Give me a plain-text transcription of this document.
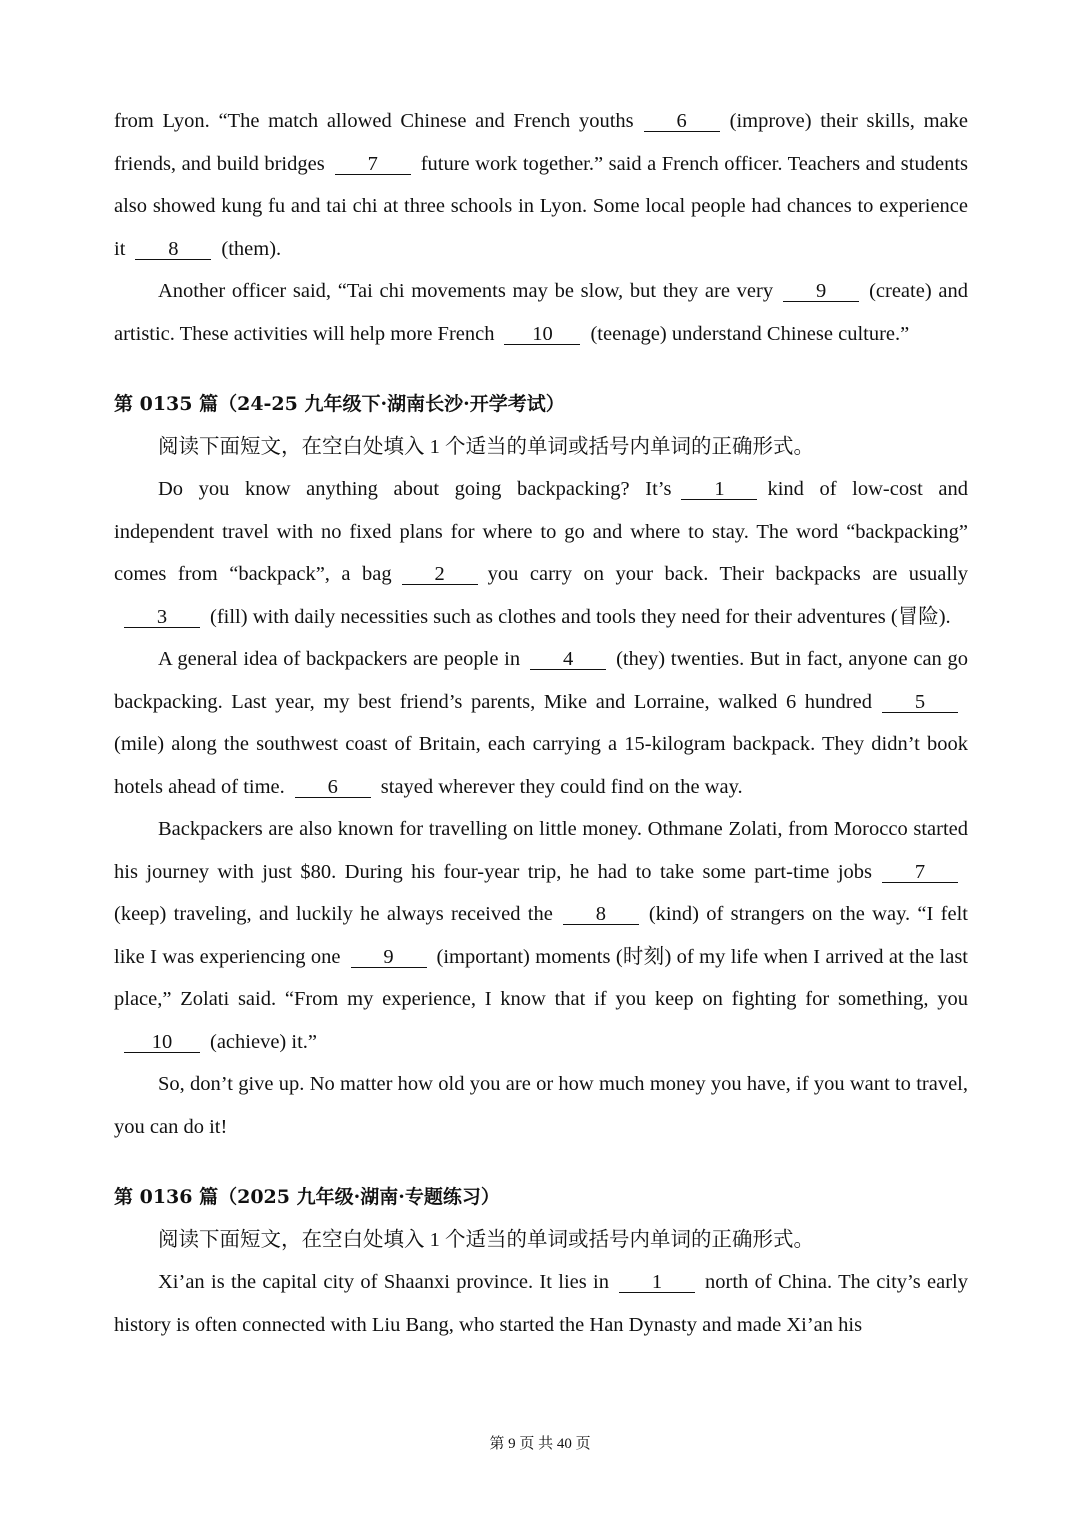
from Lyon. “The match allowed Chinese and French youths 6 (improve) their skills, make friends, and build bridges 7 future work together.” said a French officer. Teachers and students also showed kung fu and tai chi at three schools in Lyon. Some local people had chances to experience it 8 (them).

Another officer said, “Tai chi movements may be slow, but they are very 9 (create) and artistic. These activities will help more French 10 (teenage) understand Chinese culture.”

第 0135 篇（24-25 九年级下·湖南长沙·开学考试）

阅读下面短文，在空白处填入 1 个适当的单词或括号内单词的正确形式。

Do you know anything about going backpacking? It’s 1 kind of low-cost and independent travel with no fixed plans for where to go and where to stay. The word “backpacking” comes from “backpack”, a bag 2 you carry on your back. Their backpacks are usually3 (fill) with daily necessities such as clothes and tools they need for their adventures (冒险).

A general idea of backpackers are people in 4 (they) twenties. But in fact, anyone can go backpacking. Last year, my best friend’s parents, Mike and Lorraine, walked 6 hundred 5(mile) along the southwest coast of Britain, each carrying a 15-kilogram backpack. They didn’t book hotels ahead of time. 6 stayed wherever they could find on the way.

Backpackers are also known for travelling on little money. Othmane Zolati, from Morocco started his journey with just $80. During his four-year trip, he had to take some part-time jobs 7(keep) traveling, and luckily he always received the 8 (kind) of strangers on the way. “I felt like I was experiencing one 9 (important) moments (时刻) of my life when I arrived at the last place,” Zolati said. “From my experience, I know that if you keep on fighting for something, you10 (achieve) it.”

So, don’t give up. No matter how old you are or how much money you have, if you want to travel, you can do it!

第 0136 篇（2025 九年级·湖南·专题练习）

阅读下面短文，在空白处填入 1 个适当的单词或括号内单词的正确形式。

Xi’an is the capital city of Shaanxi province. It lies in 1 north of China. The city’s early history is often connected with Liu Bang, who started the Han Dynasty and made Xi’an his

第 9 页 共 40 页
